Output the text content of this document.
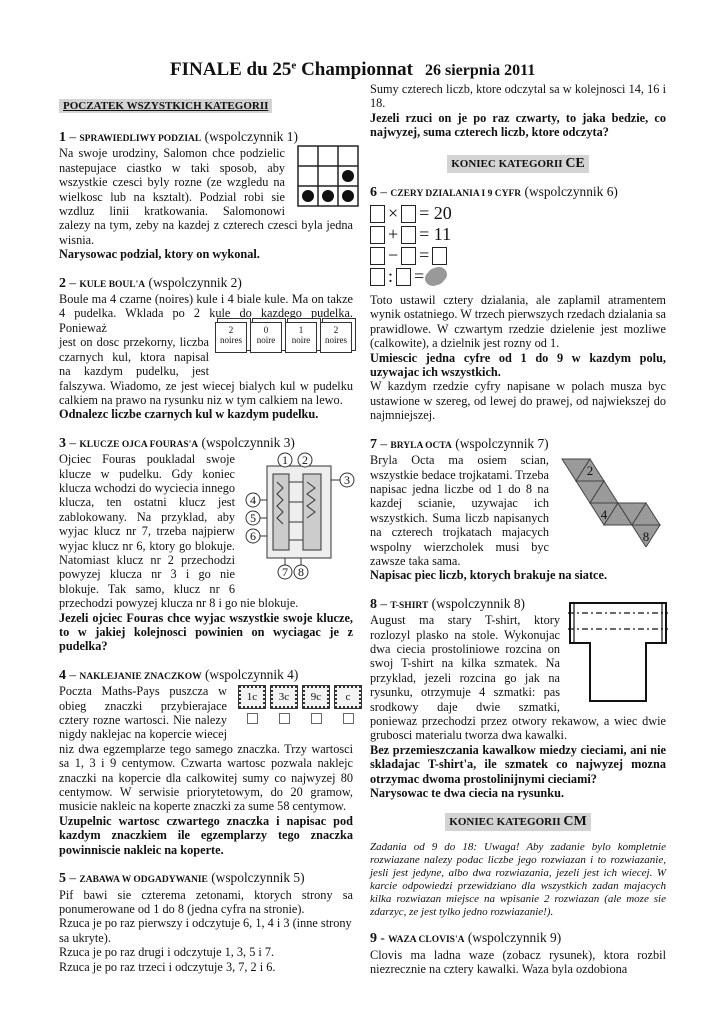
FINALE du 25e Championnat 26 sierpnia 2011
POCZATEK WSZYSTKICH KATEGORII
1 – SPRAWIEDLIWY PODZIAL (wspolczynnik 1)
Na swoje urodziny, Salomon chce podzielic
nastepujace ciastko w taki sposob, aby
wszystkie czesci byly rozne (ze wzgledu na
wielkosc lub na ksztalt). Podzial robi sie
wzdluz linii kratkowania. Salomonowi

zalezy na tym, zeby na kazdej z czterech czesci byla jedna wisnia.

Narysowac podzial, ktory on wykonal.

2 – KULE BOUL'A (wspolczynnik 2)

Boule ma 4 czarne (noires) kule i 4 biale kule. Ma on takze 4 pudelka. Wklada po 2 kule do kazdego pudelka. Ponieważ

jest on dosc przekorny, liczba
czarnych kul, ktora napisal
na kazdym pudelku, jest

falszywa. Wiadomo, ze jest wiecej bialych kul w pudelku calkiem na prawo na rysunku niz w tym calkiem na lewo.

Odnalezc liczbe czarnych kul w kazdym pudelku.

2
noires
0
noire
1
noire
2
noires
3 – KLUCZE OJCA FOURAS'A (wspolczynnik 3)
Ojciec Fouras poukladal swoje
klucze w pudelku. Gdy koniec
klucza wchodzi do wyciecia innego
klucza, ten ostatni klucz jest
zablokowany. Na przyklad, aby
wyjac klucz nr 7, trzeba najpierw
wyjac klucz nr 6, ktory go blokuje.
Natomiast klucz nr 2 przechodzi
powyzej klucza nr 3 i go nie
blokuje. Tak samo, klucz nr 6

przechodzi powyzej klucza nr 8 i go nie blokuje.

Jezeli ojciec Fouras chce wyjac wszystkie swoje klucze, to w jakiej kolejnosci powinien on wyciagac je z pudelka?

1 2
3
4
5
6
7 8
4 – NAKLEJANIE ZNACZKOW (wspolczynnik 4)
Poczta Maths-Pays puszcza w
obieg znaczki przybierajace
cztery rozne wartosci. Nie nalezy
nigdy naklejac na kopercie wiecej

niz dwa egzemplarze tego samego znaczka. Trzy wartosci sa 1, 3 i 9 centymow. Czwarta wartosc pozwala naklejc znaczki na kopercie dla calkowitej sumy co najwyzej 80 centymow. W serwisie priorytetowym, do 20 gramow, musicie nakleic na koperte znaczki za sume 58 centymow.

Uzupelnic wartosc czwartego znaczka i napisac pod kazdym znaczkiem ile egzemplarzy tego znaczka powinniscie nakleic na koperte.

1c	3c	9c	c
5 – ZABAWA W ODGADYWANIE (wspolczynnik 5)

Pif bawi sie czterema zetonami, ktorych strony sa ponumerowane od 1 do 8 (jedna cyfra na stronie).

Rzuca je po raz pierwszy i odczytuje 6, 1, 4 i 3 (inne strony sa ukryte).

Rzuca je po raz drugi i odczytuje 1, 3, 5 i 7.

Rzuca je po raz trzeci i odczytuje 3, 7, 2 i 6.

Sumy czterech liczb, ktore odczytal sa w kolejnosci 14, 16 i 18.

Jezeli rzuci on je po raz czwarty, to jaka bedzie, co najwyzej, suma czterech liczb, ktore odczyta?

KONIEC KATEGORII CE
6 – CZERY DZIALANIA I 9 CYFR (wspolczynnik 6)
× = 20
+ = 11
− =
: =

Toto ustawil cztery dzialania, ale zaplamil atramentem wynik ostatniego. W trzech pierwszych rzedach dzialania sa prawidlowe. W czwartym rzedzie dzielenie jest mozliwe (calkowite), a dzielnik jest rozny od 1.

Umiescic jedna cyfre od 1 do 9 w kazdym polu, uzywajac ich wszystkich.

W kazdym rzedzie cyfry napisane w polach musza byc ustawione w szereg, od lewej do prawej, od najwiekszej do najmniejszej.

7 – BRYLA OCTA (wspolczynnik 7)
Bryla Octa ma osiem scian,
wszystkie bedace trojkatami. Trzeba
napisac jedna liczbe od 1 do 8 na
kazdej scianie, uzywajac ich
wszystkich. Suma liczb napisanych
na czterech trojkatach majacych
wspolny wierzcholek musi byc
zawsze taka sama.

Napisac piec liczb, ktorych brakuje na siatce.

2
4
8
8 – T-SHIRT (wspolczynnik 8)
August ma stary T-shirt, ktory
rozlozyl plasko na stole. Wykonujac
dwa ciecia prostoliniowe rozcina on
swoj T-shirt na kilka szmatek. Na
przyklad, jezeli rozcina go jak na
rysunku, otrzymuje 4 szmatki: pas
srodkowy daje dwie szmatki,

poniewaz przechodzi przez otwory rekawow, a wiec dwie grubosci materialu tworza dwa kawalki.

Bez przemieszczania kawalkow miedzy cieciami, ani nie skladajac T-shirt'a, ile szmatek co najwyzej mozna otrzymac dwoma prostolinijnymi cieciami?

Narysowac te dwa ciecia na rysunku.

KONIEC KATEGORII CM

Zadania od 9 do 18: Uwaga! Aby zadanie bylo kompletnie rozwiazane nalezy podac liczbe jego rozwiazan i to rozwiazanie, jesli jest jedyne, albo dwa rozwiazania, jezeli jest ich wiecej. W karcie odpowiedzi przewidziano dla wszystkich zadan majacych kilka rozwiazan miejsce na wpisanie 2 rozwiazan (ale moze sie zdarzyc, ze jest tylko jedno rozwiazanie!).

9 - WAZA CLOVIS'A (wspolczynnik 9)

Clovis ma ladna waze (zobacz rysunek), ktora rozbil niezrecznie na cztery kawalki. Waza byla ozdobiona
